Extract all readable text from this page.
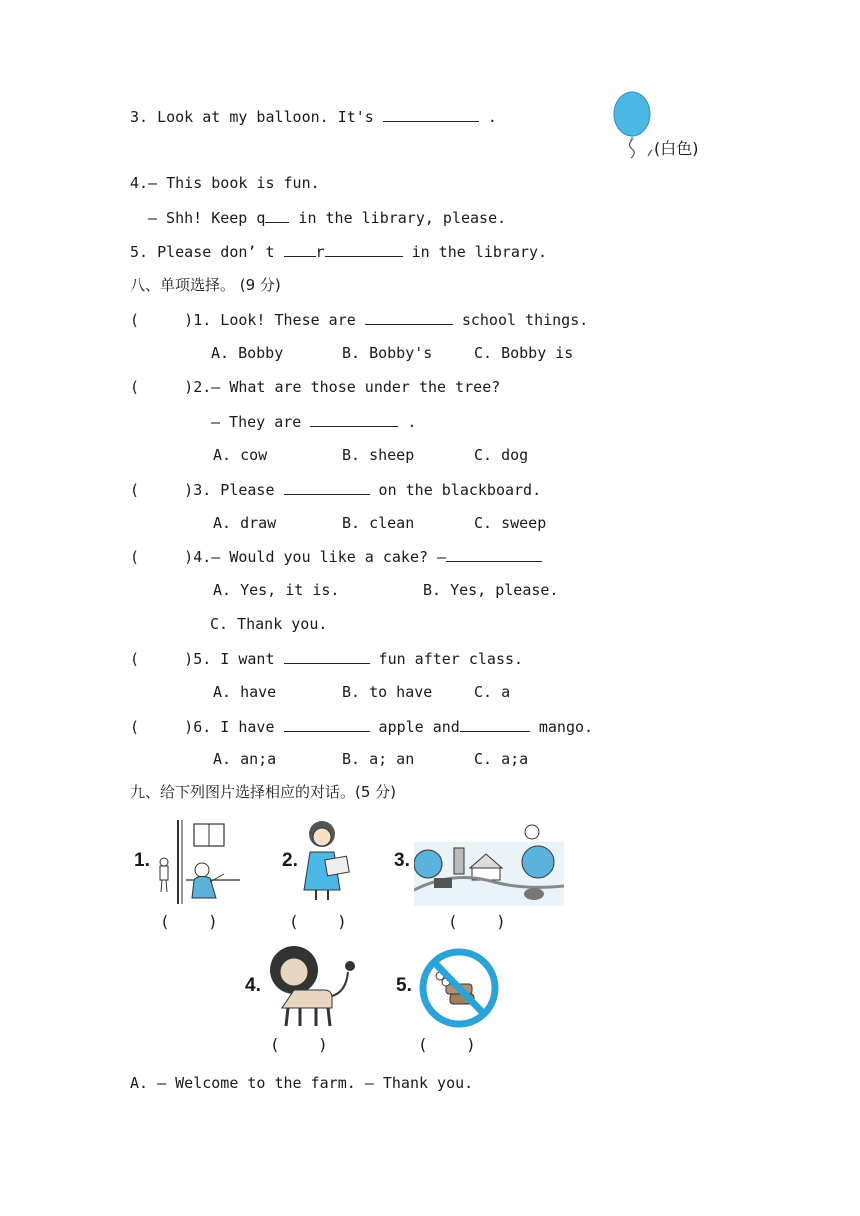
3. Look at my balloon. It's	.
(白色)
4.— This book is fun.
— Shh! Keep q in the library, please.
5. Please don’ t r	in the library.
八、单项选择。 (9 分)
(     )1. Look! These are	school things.
A. Bobby	B. Bobby's	C. Bobby is
(     )2.— What are those under the tree?
— They are	.
A. cow	B. sheep	C. dog
(     )3. Please	on the blackboard.
A. draw	B. clean	C. sweep
(     )4.— Would you like a cake? —
A. Yes, it is.	B. Yes, please.
C. Thank you.
(     )5. I want	fun after class.
A. have	B. to have	C. a
(     )6. I have	apple and	mango.
A. an;a	B. a; an	C. a;a
九、给下列图片选择相应的对话。(5 分)
1.
(    )
2.
(    )
3.
(    )
4.
(    )
5.
(    )
A. — Welcome to the farm. — Thank you.
